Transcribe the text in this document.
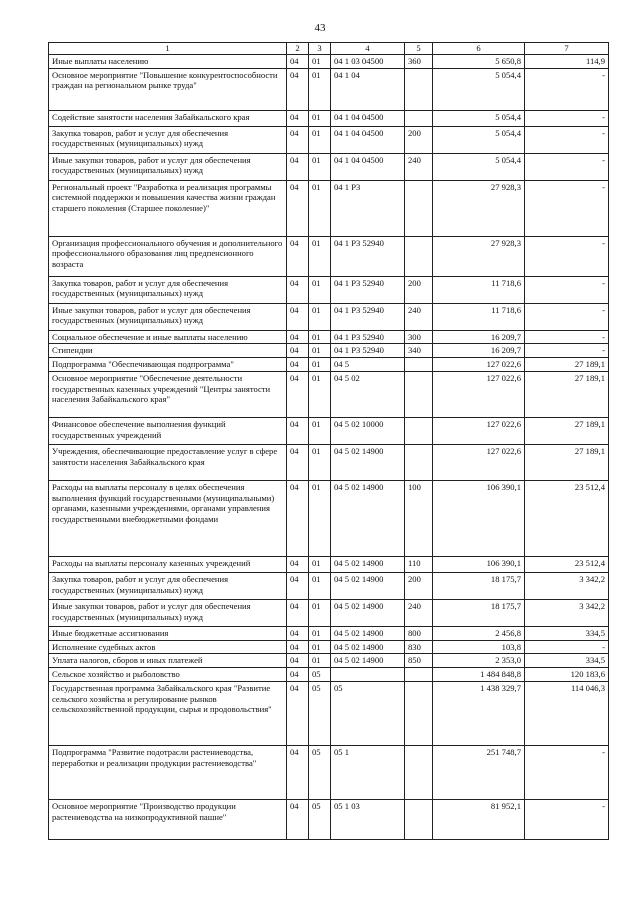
43
1	2	3	4	5	6	7
Иные выплаты населению	04	01	04 1 03 04500	360	5 650,8	114,9
Основное мероприятие "Повышение конкурентоспособности граждан на региональном рынке труда"	04	01	04 1 04		5 054,4	-
Содействие занятости населения Забайкальского края	04	01	04 1 04 04500		5 054,4	-
Закупка товаров, работ и услуг для обеспечения государственных (муниципальных) нужд	04	01	04 1 04 04500	200	5 054,4	-
Иные закупки товаров, работ и услуг для обеспечения государственных (муниципальных) нужд	04	01	04 1 04 04500	240	5 054,4	-
Региональный проект "Разработка и реализация программы системной поддержки и повышения качества жизни граждан старшего поколения (Старшее поколение)"	04	01	04 1 P3		27 928,3	-
Организация профессионального обучения и дополнительного профессионального образования лиц предпенсионного возраста	04	01	04 1 P3 52940		27 928,3	-
Закупка товаров, работ и услуг для обеспечения государственных (муниципальных) нужд	04	01	04 1 P3 52940	200	11 718,6	-
Иные закупки товаров, работ и услуг для обеспечения государственных (муниципальных) нужд	04	01	04 1 P3 52940	240	11 718,6	-
Социальное обеспечение и иные выплаты населению	04	01	04 1 P3 52940	300	16 209,7	-
Стипендии	04	01	04 1 P3 52940	340	16 209,7	-
Подпрограмма "Обеспечивающая подпрограмма"	04	01	04 5		127 022,6	27 189,1
Основное мероприятие "Обеспечение деятельности государственных казенных учреждений "Центры занятости населения Забайкальского края"	04	01	04 5 02		127 022,6	27 189,1
Финансовое обеспечение выполнения функций государственных учреждений	04	01	04 5 02 10000		127 022,6	27 189,1
Учреждения, обеспечивающие предоставление услуг в сфере занятости населения Забайкальского края	04	01	04 5 02 14900		127 022,6	27 189,1
Расходы на выплаты персоналу в целях обеспечения выполнения функций государственными (муниципальными) органами, казенными учреждениями, органами управления государственными внебюджетными фондами	04	01	04 5 02 14900	100	106 390,1	23 512,4
Расходы на выплаты персоналу казенных учреждений	04	01	04 5 02 14900	110	106 390,1	23 512,4
Закупка товаров, работ и услуг для обеспечения государственных (муниципальных) нужд	04	01	04 5 02 14900	200	18 175,7	3 342,2
Иные закупки товаров, работ и услуг для обеспечения государственных (муниципальных) нужд	04	01	04 5 02 14900	240	18 175,7	3 342,2
Иные бюджетные ассигнования	04	01	04 5 02 14900	800	2 456,8	334,5
Исполнение судебных актов	04	01	04 5 02 14900	830	103,8	-
Уплата налогов, сборов и иных платежей	04	01	04 5 02 14900	850	2 353,0	334,5
Сельское хозяйство и рыболовство	04	05			1 484 848,8	120 183,6
Государственная программа Забайкальского края "Развитие сельского хозяйства и регулирование рынков сельскохозяйственной продукции, сырья и продовольствия"	04	05	05		1 438 329,7	114 046,3
Подпрограмма "Развитие подотрасли растениеводства, переработки и реализации продукции растениеводства"	04	05	05 1		251 748,7	-
Основное мероприятие "Производство продукции растениеводства на низкопродуктивной пашне"	04	05	05 1 03		81 952,1	-
